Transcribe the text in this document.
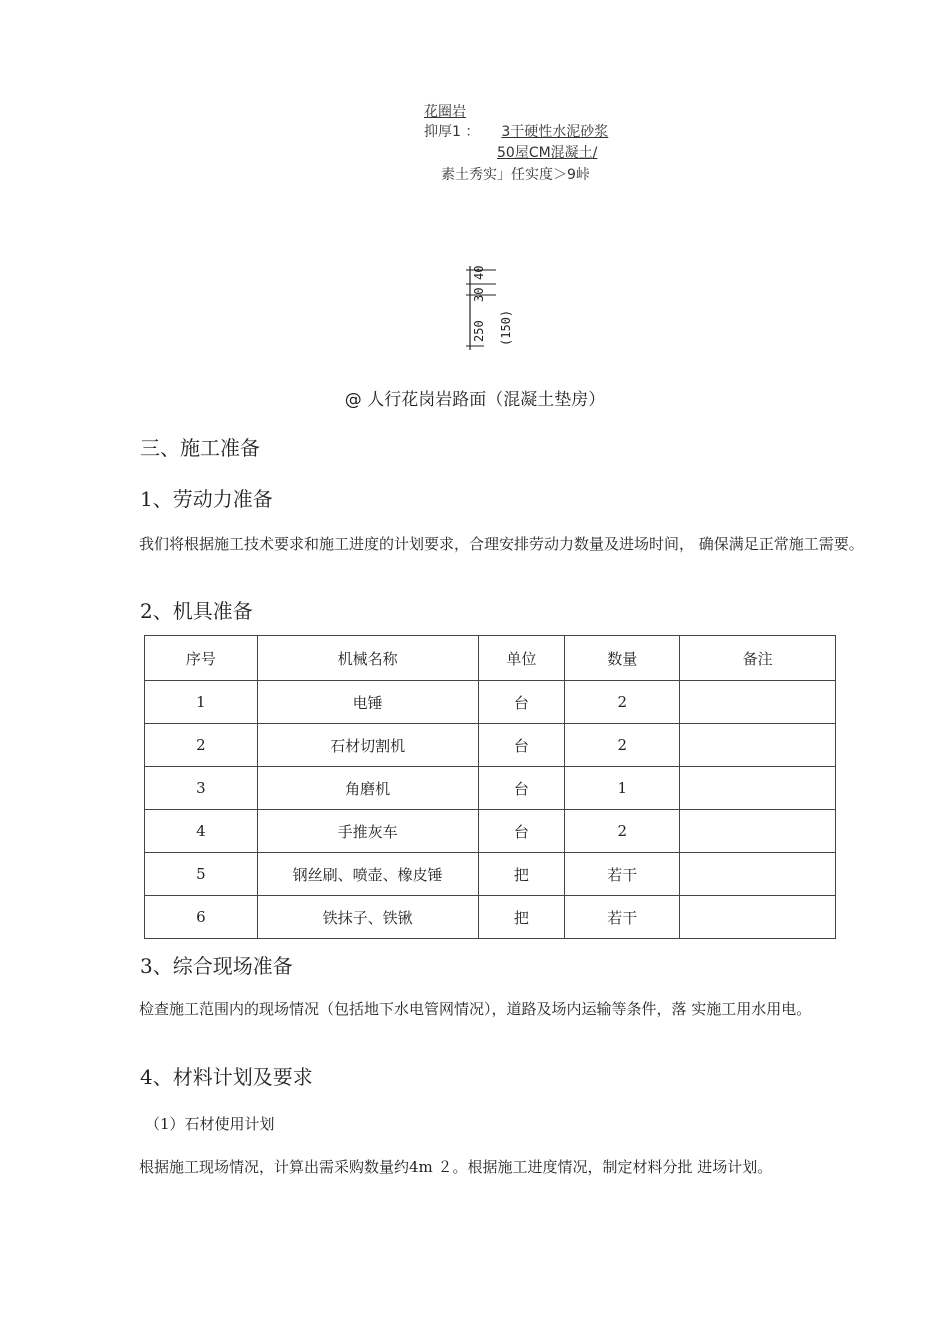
花圈岩
抑厚1 ： 3干硬性水泥砂浆
50屋CM混凝土/
素土秀实」任实度＞9峠
250
30
40
(150)
@ 人行花岗岩路面（混凝土垫房）
三、施工准备
1、劳动力准备
我们将根据施工技术要求和施工进度的计划要求，合理安排劳动力数量及进场时间， 确保满足正常施工需要。
2、机具准备
序号	机械名称	单位	数量	备注
1	电锤	台	2	
2	石材切割机	台	2	
3	角磨机	台	1	
4	手推灰车	台	2	
5	钢丝刷、喷壶、橡皮锤	把	若干	
6	铁抹子、铁锹	把	若干	
3、综合现场准备
检查施工范围内的现场情况（包括地下水电管网情况），道路及场内运输等条件，落 实施工用水用电。
4、材料计划及要求
（1）石材使用计划
根据施工现场情况，计算出需采购数量约4m ２。根据施工进度情况，制定材料分批 进场计划。
